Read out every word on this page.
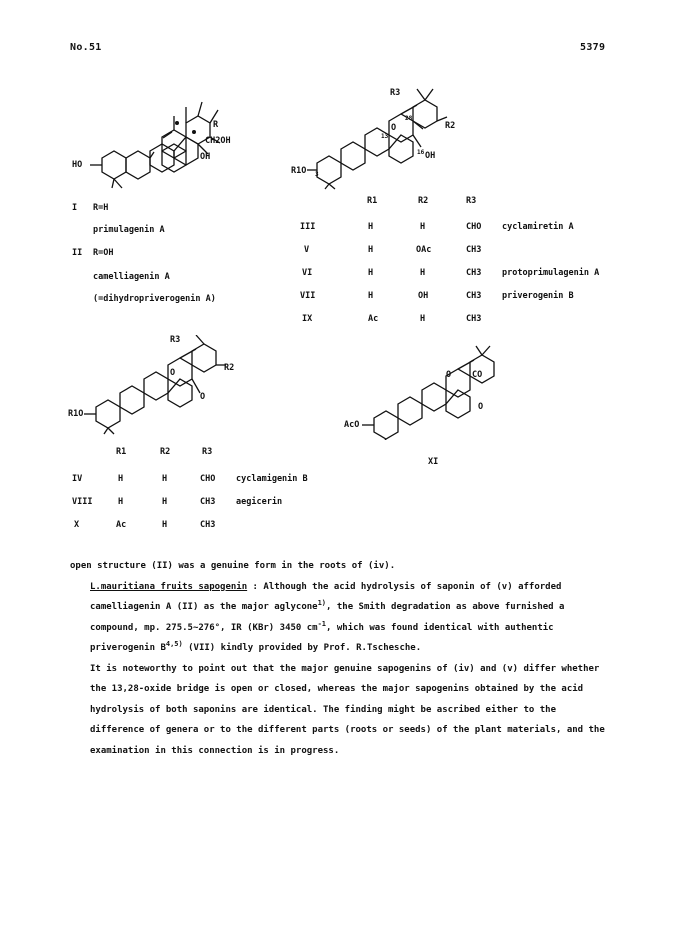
No.51	5379
R
CH2OH
OH
HO
I R=H
primulagenin A
II R=OH
camelliagenin A
(=dihydropriverogenin A)
R3
R2
O
28
13
16 OH
R1O 3
R1	R2	R3
III	H	H	CHO cyclamiretin A
V	H	OAc	CH3
VI	H	H	CH3 protoprimulagenin A
VII	H	OH	CH3 priverogenin B
IX	Ac	H	CH3
R3
R2
O
O
R1O
R1	R2	R3
IV	H	H	CHO cyclamigenin B
VIII	H	H	CH3 aegicerin
X	Ac	H	CH3
AcO
O CO
O
XI

open structure (II) was a genuine form in the roots of (iv).

L.mauritiana fruits sapogenin : Although the acid hydrolysis of saponin of (v) afforded camelliagenin A (II) as the major aglycone$^{1)}$, the Smith degradation as above furnished a compound, mp. 275.5~276°, IR (KBr) 3450 $cm^{-1}$, which was found identical with authentic priverogenin B$^{4,5)}$ (VII) kindly provided by Prof. R.Tschesche.

It is noteworthy to point out that the major genuine sapogenins of (iv) and (v) differ whether the 13,28-oxide bridge is open or closed, whereas the major sapogenins obtained by the acid hydrolysis of both saponins are identical. The finding might be ascribed either to the difference of genera or to the different parts (roots or seeds) of the plant materials, and the examination in this connection is in progress.
